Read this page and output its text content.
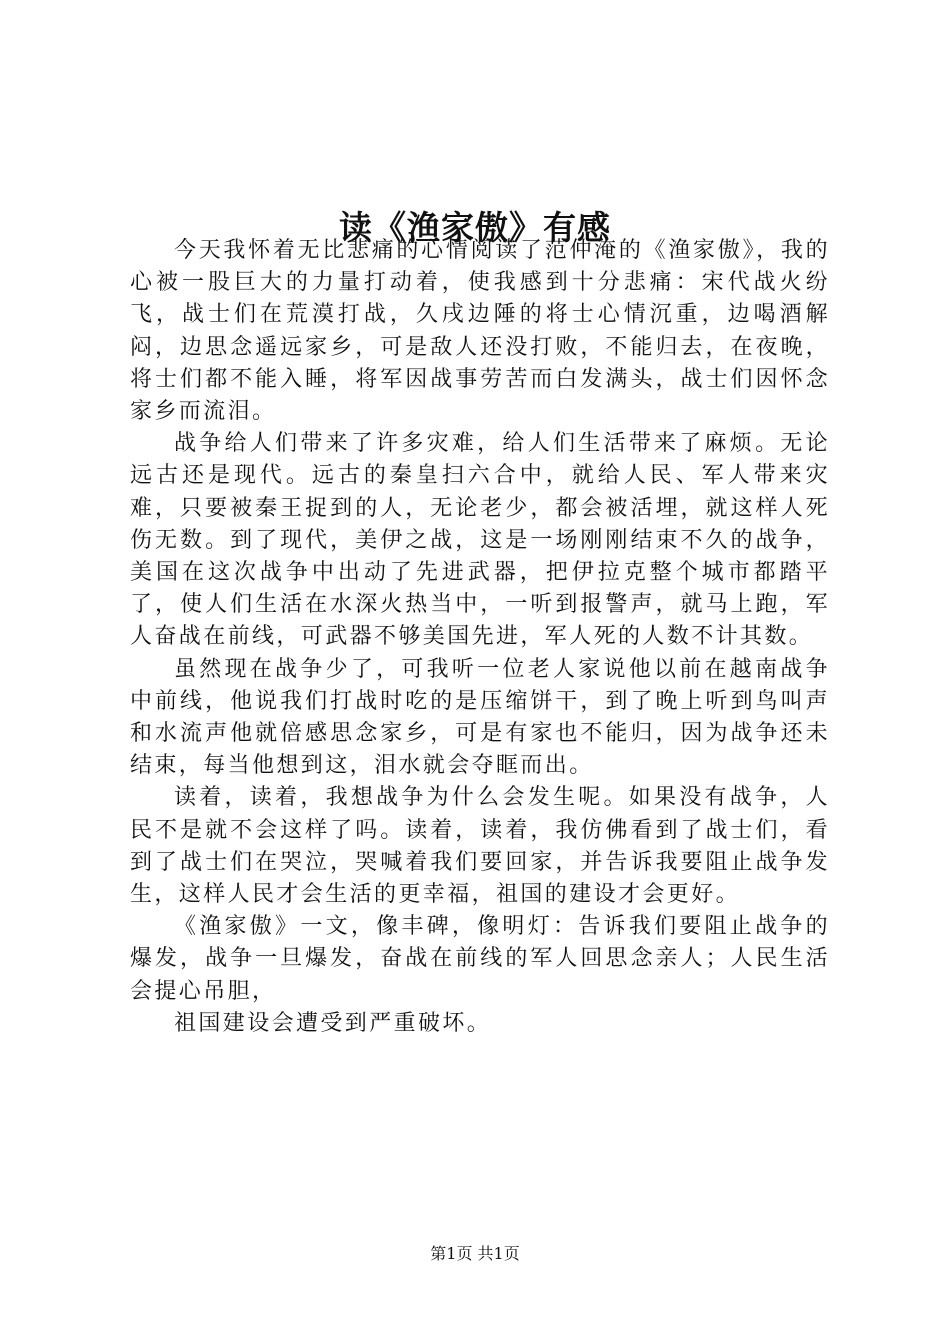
读《渔家傲》有感

今天我怀着无比悲痛的心情阅读了范仲淹的《渔家傲》，我的心被一股巨大的力量打动着，使我感到十分悲痛：宋代战火纷飞，战士们在荒漠打战，久戌边陲的将士心情沉重，边喝酒解闷，边思念遥远家乡，可是敌人还没打败，不能归去，在夜晚，将士们都不能入睡，将军因战事劳苦而白发满头，战士们因怀念家乡而流泪。

战争给人们带来了许多灾难，给人们生活带来了麻烦。无论远古还是现代。远古的秦皇扫六合中，就给人民、军人带来灾难，只要被秦王捉到的人，无论老少，都会被活埋，就这样人死伤无数。到了现代，美伊之战，这是一场刚刚结束不久的战争，美国在这次战争中出动了先进武器，把伊拉克整个城市都踏平了，使人们生活在水深火热当中，一听到报警声，就马上跑，军人奋战在前线，可武器不够美国先进，军人死的人数不计其数。

虽然现在战争少了，可我听一位老人家说他以前在越南战争中前线，他说我们打战时吃的是压缩饼干，到了晚上听到鸟叫声和水流声他就倍感思念家乡，可是有家也不能归，因为战争还未结束，每当他想到这，泪水就会夺眶而出。

读着，读着，我想战争为什么会发生呢。如果没有战争，人民不是就不会这样了吗。读着，读着，我仿佛看到了战士们，看到了战士们在哭泣，哭喊着我们要回家，并告诉我要阻止战争发生，这样人民才会生活的更幸福，祖国的建设才会更好。

《渔家傲》一文，像丰碑，像明灯：告诉我们要阻止战争的爆发，战争一旦爆发，奋战在前线的军人回思念亲人；人民生活会提心吊胆，

祖国建设会遭受到严重破坏。

第1页 共1页
